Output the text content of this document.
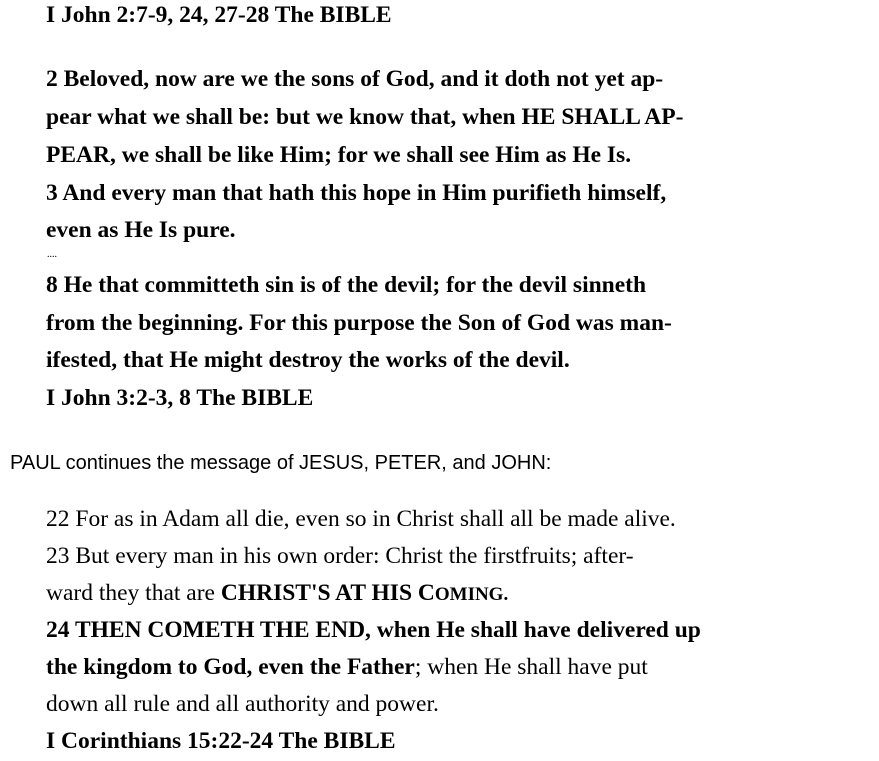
I John 2:7-9, 24, 27-28 The BIBLE
2 Beloved, now are we the sons of God, and it doth not yet ap-
pear what we shall be: but we know that, when HE SHALL AP-
PEAR, we shall be like Him; for we shall see Him as He Is.
3 And every man that hath this hope in Him purifieth himself,
even as He Is pure.
....
8 He that committeth sin is of the devil; for the devil sinneth
from the beginning. For this purpose the Son of God was man-
ifested, that He might destroy the works of the devil.
I John 3:2-3, 8 The BIBLE
PAUL continues the message of JESUS, PETER, and JOHN:
22 For as in Adam all die, even so in Christ shall all be made alive.
23 But every man in his own order: Christ the firstfruits; after-
ward they that are CHRIST'S AT HIS COMING.
24 THEN COMETH THE END, when He shall have delivered up
the kingdom to God, even the Father; when He shall have put
down all rule and all authority and power.
I Corinthians 15:22-24 The BIBLE
